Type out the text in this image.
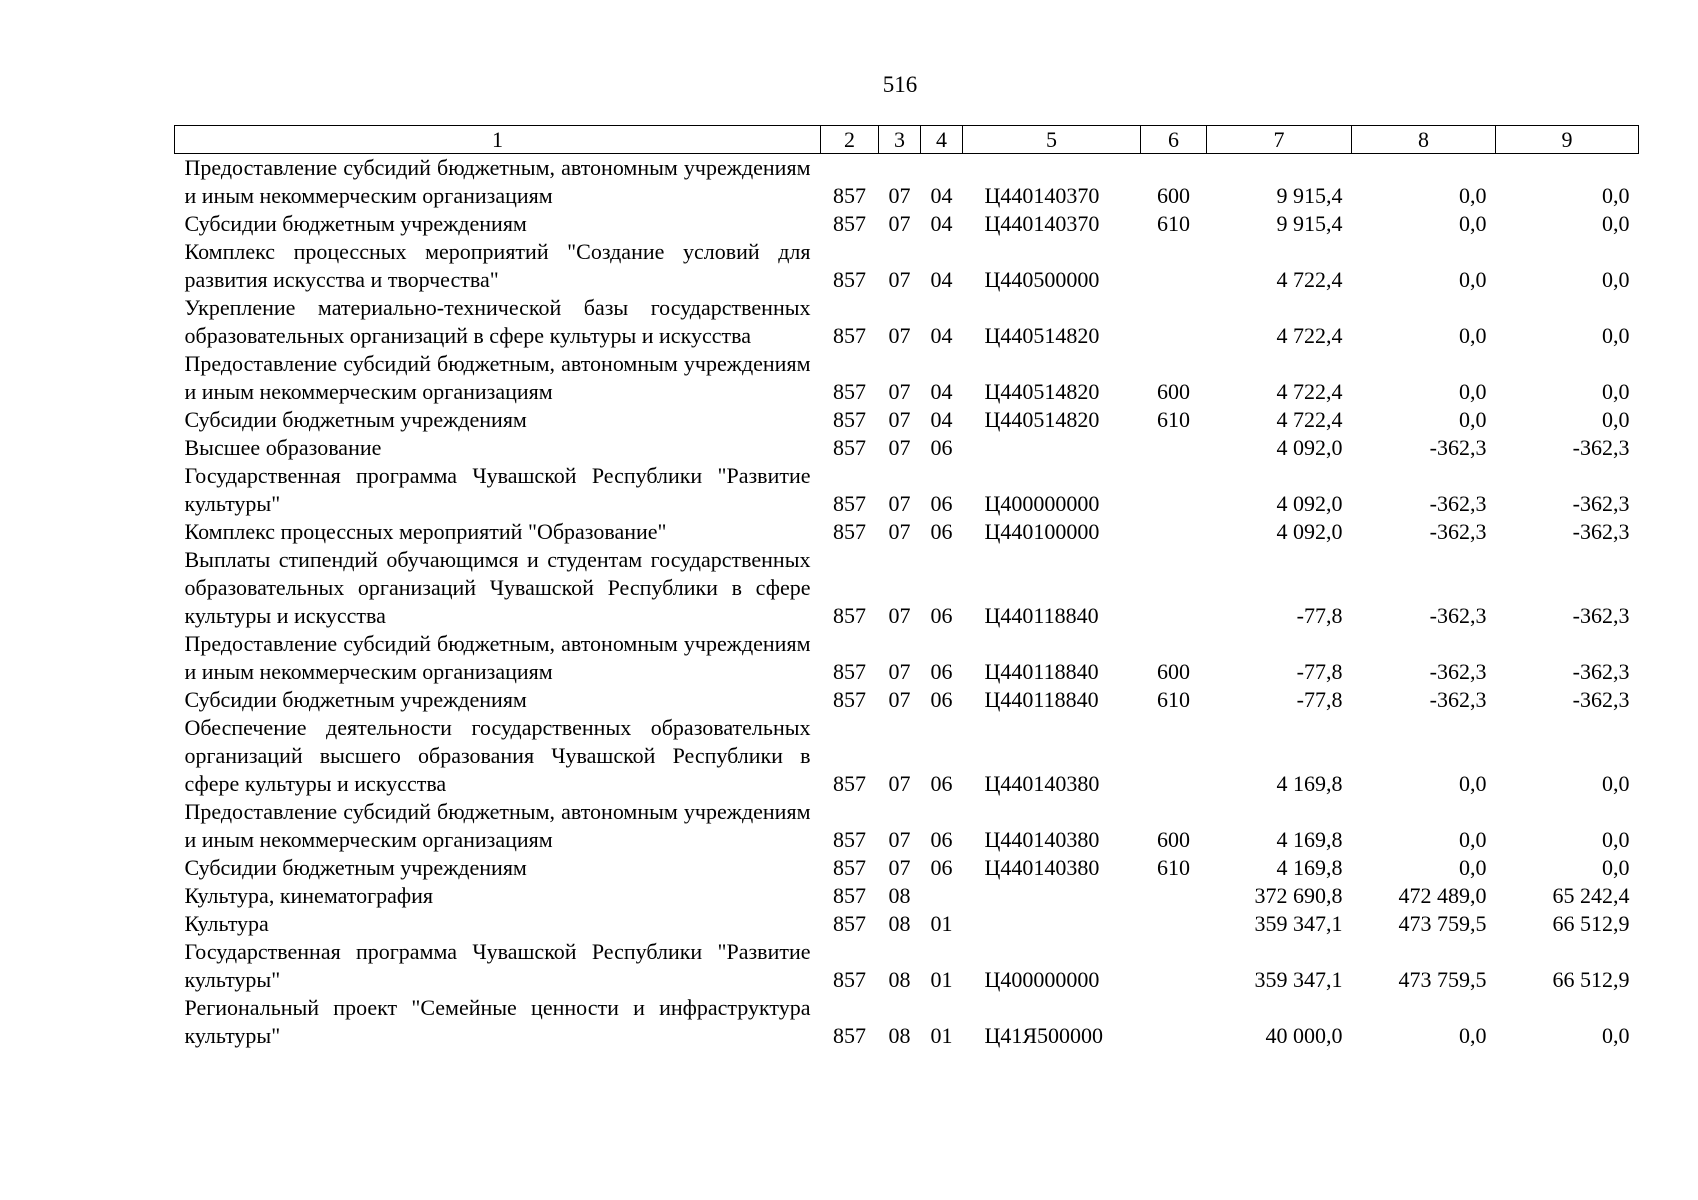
516
1	2	3	4	5	6	7	8	9
Предоставление субсидий бюджетным, автономным учреждениям и иным некоммерческим организациям	857	07	04	Ц440140370	600	9 915,4	0,0	0,0
Субсидии бюджетным учреждениям	857	07	04	Ц440140370	610	9 915,4	0,0	0,0
Комплекс процессных мероприятий "Создание условий для развития искусства и творчества"	857	07	04	Ц440500000		4 722,4	0,0	0,0
Укрепление материально-технической базы государственных образовательных организаций в сфере культуры и искусства	857	07	04	Ц440514820		4 722,4	0,0	0,0
Предоставление субсидий бюджетным, автономным учреждениям и иным некоммерческим организациям	857	07	04	Ц440514820	600	4 722,4	0,0	0,0
Субсидии бюджетным учреждениям	857	07	04	Ц440514820	610	4 722,4	0,0	0,0
Высшее образование	857	07	06			4 092,0	-362,3	-362,3
Государственная программа Чувашской Республики "Развитие культуры"	857	07	06	Ц400000000		4 092,0	-362,3	-362,3
Комплекс процессных мероприятий "Образование"	857	07	06	Ц440100000		4 092,0	-362,3	-362,3
Выплаты стипендий обучающимся и студентам государственных образовательных организаций Чувашской Республики в сфере культуры и искусства	857	07	06	Ц440118840		-77,8	-362,3	-362,3
Предоставление субсидий бюджетным, автономным учреждениям и иным некоммерческим организациям	857	07	06	Ц440118840	600	-77,8	-362,3	-362,3
Субсидии бюджетным учреждениям	857	07	06	Ц440118840	610	-77,8	-362,3	-362,3
Обеспечение деятельности государственных образовательных организаций высшего образования Чувашской Республики в сфере культуры и искусства	857	07	06	Ц440140380		4 169,8	0,0	0,0
Предоставление субсидий бюджетным, автономным учреждениям и иным некоммерческим организациям	857	07	06	Ц440140380	600	4 169,8	0,0	0,0
Субсидии бюджетным учреждениям	857	07	06	Ц440140380	610	4 169,8	0,0	0,0
Культура, кинематография	857	08				372 690,8	472 489,0	65 242,4
Культура	857	08	01			359 347,1	473 759,5	66 512,9
Государственная программа Чувашской Республики "Развитие культуры"	857	08	01	Ц400000000		359 347,1	473 759,5	66 512,9
Региональный проект "Семейные ценности и инфраструктура культуры"	857	08	01	Ц41Я500000		40 000,0	0,0	0,0
